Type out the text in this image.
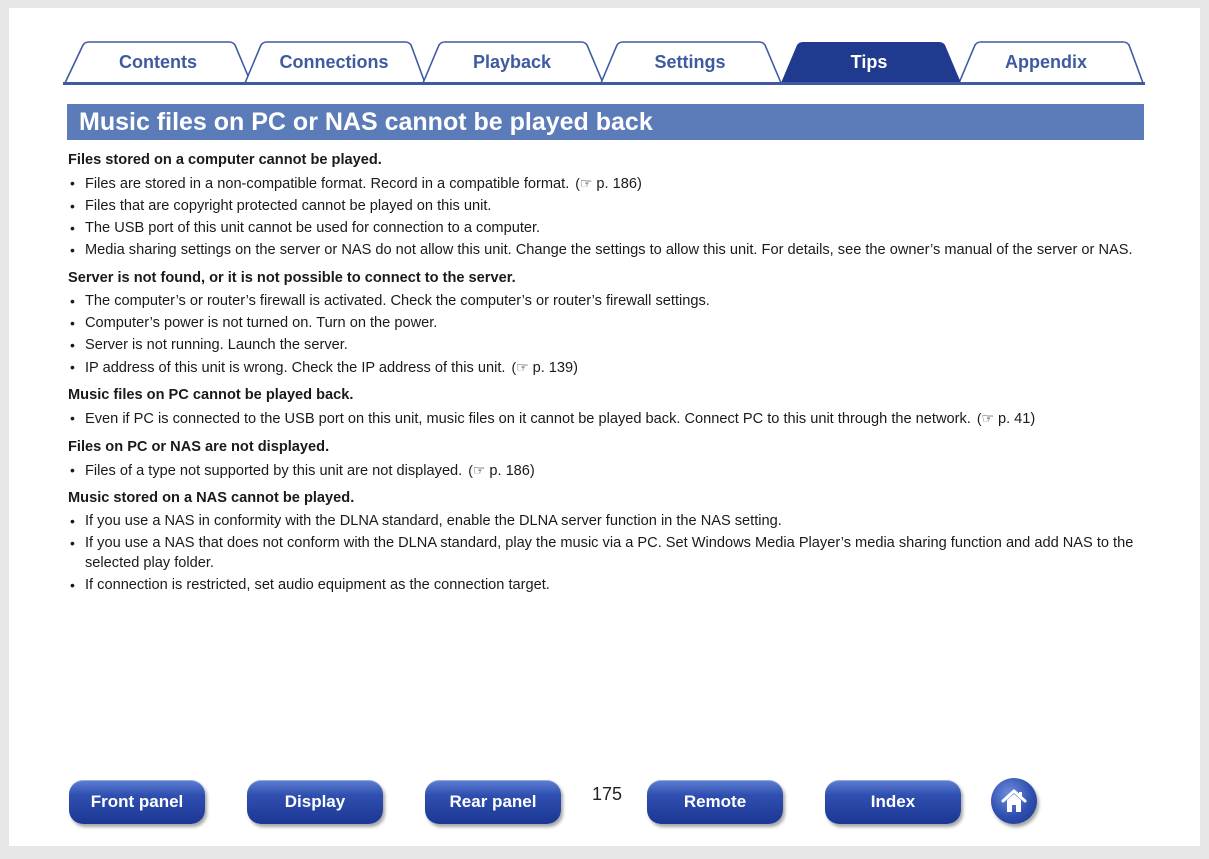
Contents	Connections	Playback	Settings	Tips	Appendix
Music files on PC or NAS cannot be played back

Files stored on a computer cannot be played.

• Files are stored in a non-compatible format. Record in a compatible format. (☞ p. 186)
• Files that are copyright protected cannot be played on this unit.
• The USB port of this unit cannot be used for connection to a computer.
• Media sharing settings on the server or NAS do not allow this unit. Change the settings to allow this unit. For details, see the owner’s manual of the server or NAS.

Server is not found, or it is not possible to connect to the server.

• The computer’s or router’s firewall is activated. Check the computer’s or router’s firewall settings.
• Computer’s power is not turned on. Turn on the power.
• Server is not running. Launch the server.
• IP address of this unit is wrong. Check the IP address of this unit. (☞ p. 139)

Music files on PC cannot be played back.

• Even if PC is connected to the USB port on this unit, music files on it cannot be played back. Connect PC to this unit through the network. (☞ p. 41)

Files on PC or NAS are not displayed.

• Files of a type not supported by this unit are not displayed. (☞ p. 186)

Music stored on a NAS cannot be played.

• If you use a NAS in conformity with the DLNA standard, enable the DLNA server function in the NAS setting.
• If you use a NAS that does not conform with the DLNA standard, play the music via a PC. Set Windows Media Player’s media sharing function and add NAS to the selected play folder.
• If connection is restricted, set audio equipment as the connection target.
Front panel	Display	Rear panel	175	Remote	Index
